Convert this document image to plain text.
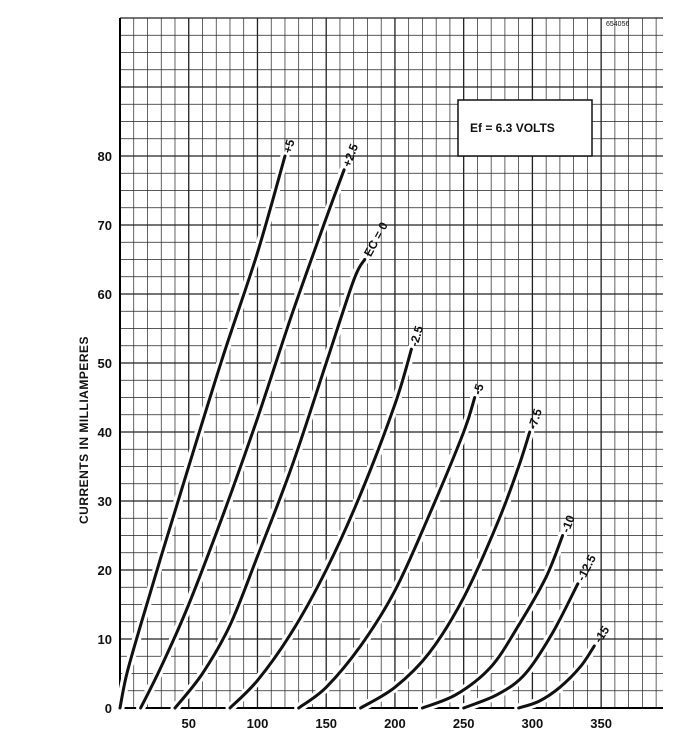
50	100	150	200	250	300	350
0
10
20
30
40
50
60
70
80
+5	+2.5
EC = 0
-2.5
-5
-7.5
-10
-12.5
-15
654056
Ef = 6.3 VOLTS
CURRENTS IN MILLIAMPERES
